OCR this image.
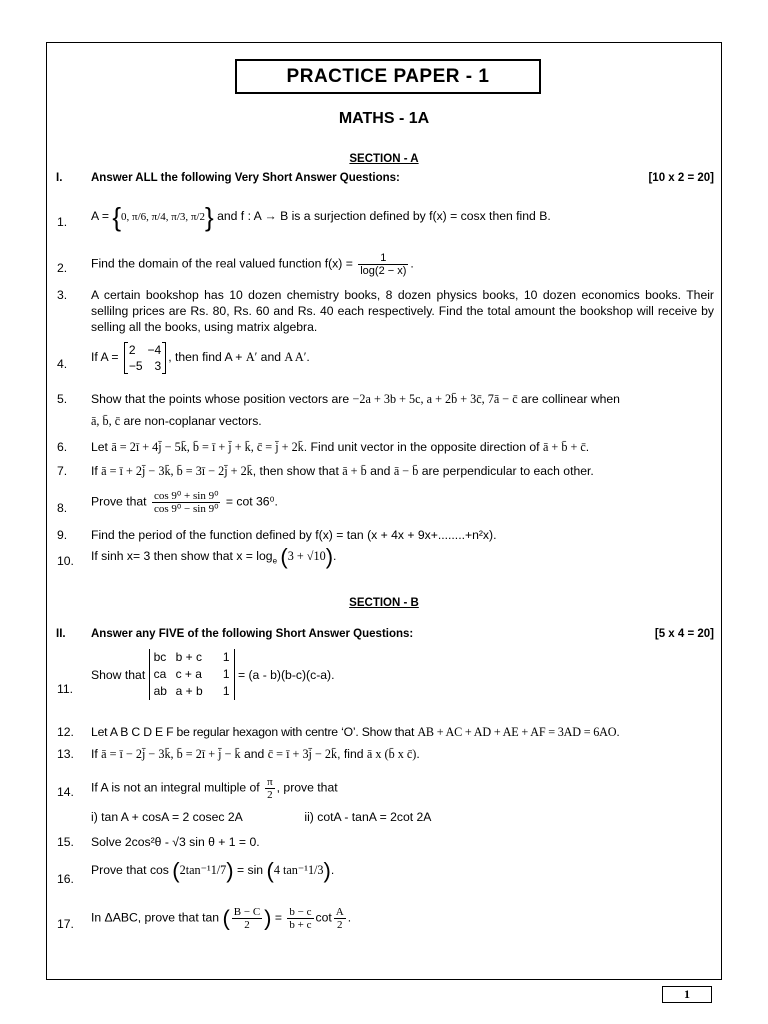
PRACTICE PAPER - 1
MATHS - 1A
SECTION - A
I. Answer ALL the following Very Short Answer Questions:	[10 x 2 = 20]
1.	A = {0, π/6, π/4, π/3, π/2} and f : A → B is a surjection defined by f(x) = cosx then find B.
2.	Find the domain of the real valued function $f(x) = \frac{1}{\log(2 - x)}$ .
3.	A certain bookshop has 10 dozen chemistry books, 8 dozen physics books, 10 dozen economics books. Their sellilng prices are Rs. 80, Rs. 60 and Rs. 40 each respectively. Find the total amount the bookshop will receive by selling all the books, using matrix algebra.
4.	If A =
2 −4
−5 3
, then find A + A′ and A A′.
5.	Show that the points whose position vectors are −2a + 3b + 5c, a + 2b̄ + 3c̄, 7ā − c̄ are collinear when
ā, b̄, c̄ are non-coplanar vectors.
6.	Let ā = 2ī + 4j̄ − 5k̄, b̄ = ī + j̄ + k̄, c̄ = j̄ + 2k̄. Find unit vector in the opposite direction of ā + b̄ + c̄.
7.	If ā = ī + 2j̄ − 3k̄, b̄ = 3ī − 2j̄ + 2k̄, then show that ā + b̄ and ā − b̄ are perpendicular to each other.
8.	Prove that $\frac{\text{cos 9⁰ + sin 9⁰}}{\text{cos 9⁰ − sin 9⁰}} = \cot 36^0$.
9.	Find the period of the function defined by f(x) = tan (x + 4x + 9x+........+n²x).
10.	If sinh x= 3 then show that $x = \log_e (3 + √10)$.
SECTION - B
II. Answer any FIVE of the following Short Answer Questions:	[5 x 4 = 20]
11.
Show that
bc b + c	1
ca c + a	1
ab a + b	1
= (a - b)(b-c)(c-a).
12.	Let A B C D E F be regular hexagon with centre ‘O’. Show that AB + AC + AD + AE + AF = 3AD = 6AO.
13.	If ā = ī − 2j̄ − 3k̄, b̄ = 2ī + j̄ − k̄ and c̄ = ī + 3j̄ − 2k̄, find ā x (b̄ x c̄).
14.	If A is not an integral multiple of $\frac{\pi}{2}$ , prove that
i) tan A + cosA = 2 cosec 2A	ii) cotA - tanA = 2cot 2A
15.	Solve 2cos²θ - √3 sin θ + 1 = 0.
16.
Prove that cos (2tan⁻¹1/7) = sin (4 tan⁻¹1/3).
17.	In ΔABC, prove that tan ( $\frac{B - C}{2}$ ) = $\frac{b - c}{b + c}$ $\cot \frac{A}{2}$ .
1
